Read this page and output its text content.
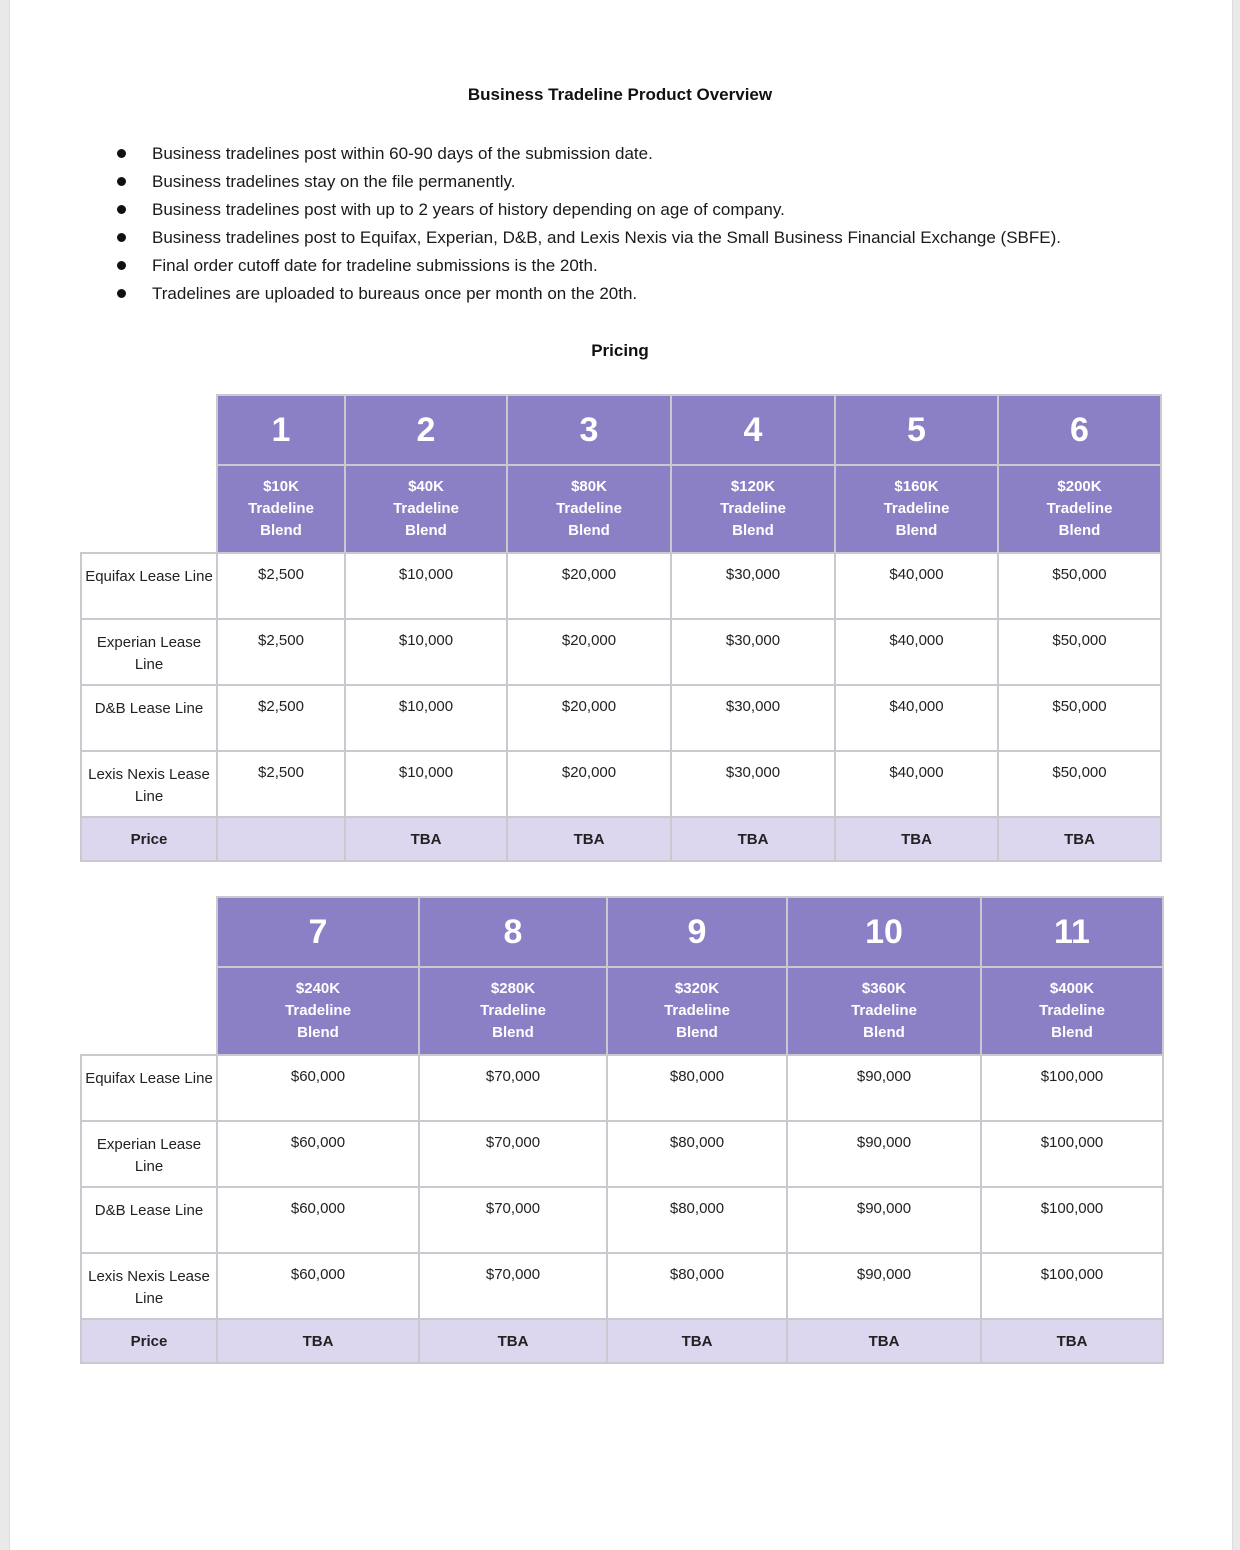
Business Tradeline Product Overview
Business tradelines post within 60-90 days of the submission date.
Business tradelines stay on the file permanently.
Business tradelines post with up to 2 years of history depending on age of company.
Business tradelines post to Equifax, Experian, D&B, and Lexis Nexis via the Small Business Financial Exchange (SBFE).
Final order cutoff date for tradeline submissions is the 20th.
Tradelines are uploaded to bureaus once per month on the 20th.
Pricing
	1	2	3	4	5	6

	$10K
Tradeline
Blend	$40K
Tradeline
Blend	$80K
Tradeline
Blend	$120K
Tradeline
Blend	$160K
Tradeline
Blend	$200K
Tradeline
Blend

Equifax Lease Line	$2,500	$10,000	$20,000	$30,000	$40,000	$50,000
Experian Lease Line	$2,500	$10,000	$20,000	$30,000	$40,000	$50,000
D&B Lease Line	$2,500	$10,000	$20,000	$30,000	$40,000	$50,000
Lexis Nexis Lease Line	$2,500	$10,000	$20,000	$30,000	$40,000	$50,000
Price		TBA	TBA	TBA	TBA	TBA
	7	8	9	10	11

	$240K
Tradeline
Blend	$280K
Tradeline
Blend	$320K
Tradeline
Blend	$360K
Tradeline
Blend	$400K
Tradeline
Blend

Equifax Lease Line	$60,000	$70,000	$80,000	$90,000	$100,000
Experian Lease Line	$60,000	$70,000	$80,000	$90,000	$100,000
D&B Lease Line	$60,000	$70,000	$80,000	$90,000	$100,000
Lexis Nexis Lease Line	$60,000	$70,000	$80,000	$90,000	$100,000
Price	TBA	TBA	TBA	TBA	TBA
